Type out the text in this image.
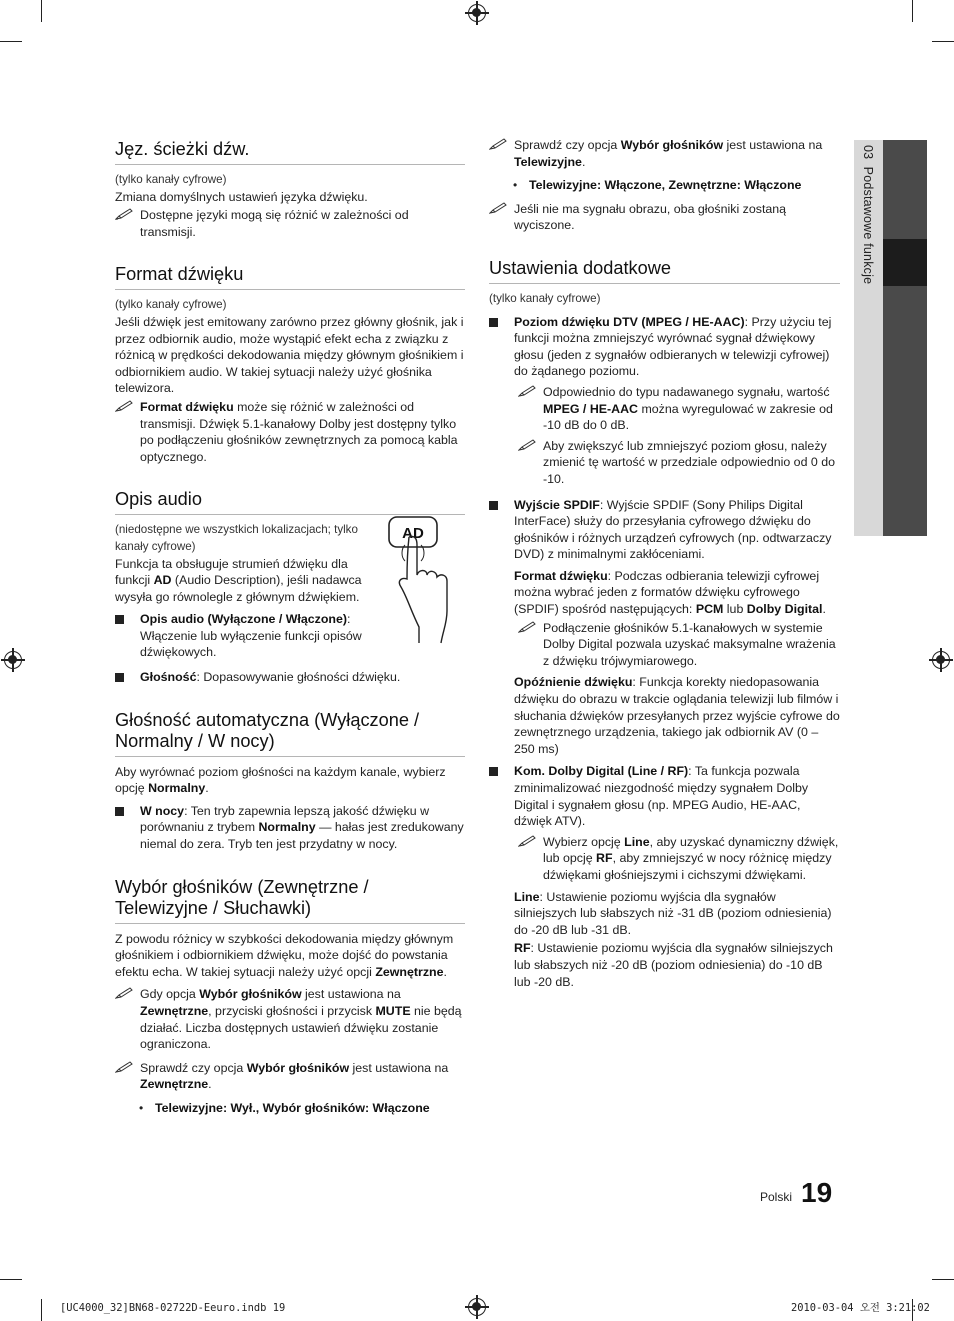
03  Podstawowe funkcje
Jęz. ścieżki dźw.

(tylko kanały cyfrowe)

Zmiana domyślnych ustawień języka dźwięku.

Dostępne języki mogą się różnić w zależności od transmisji.
Format dźwięku

(tylko kanały cyfrowe)

Jeśli dźwięk jest emitowany zarówno przez główny głośnik, jak i przez odbiornik audio, może wystąpić efekt echa z związku z różnicą w prędkości dekodowania między głównym głośnikiem i odbiornikiem audio. W takiej sytuacji należy użyć głośnika telewizora.

Format dźwięku może się różnić w zależności od transmisji. Dźwięk 5.1-kanałowy Dolby jest dostępny tylko po podłączeniu głośników zewnętrznych za pomocą kabla optycznego.
Opis audio

(niedostępne we wszystkich lokalizacjach; tylko kanały cyfrowe)

Funkcja ta obsługuje strumień dźwięku dla funkcji AD (Audio Description), jeśli nadawca wysyła go równolegle z głównym dźwiękiem.

AD
Opis audio (Wyłączone / Włączone): Włączenie lub wyłączenie funkcji opisów dźwiękowych.
Głośność: Dopasowywanie głośności dźwięku.
Głośność automatyczna (Wyłączone / Normalny / W nocy)

Aby wyrównać poziom głośności na każdym kanale, wybierz opcję Normalny.

W nocy: Ten tryb zapewnia lepszą jakość dźwięku w porównaniu z trybem Normalny — hałas jest zredukowany niemal do zera. Tryb ten jest przydatny w nocy.
Wybór głośników (Zewnętrzne / Telewizyjne / Słuchawki)

Z powodu różnicy w szybkości dekodowania między głównym głośnikiem i odbiornikiem dźwięku, może dojść do powstania efektu echa. W takiej sytuacji należy użyć opcji Zewnętrzne.

Gdy opcja Wybór głośników jest ustawiona na Zewnętrzne, przyciski głośności i przycisk MUTE nie będą działać. Liczba dostępnych ustawień dźwięku zostanie ograniczona.
Sprawdź czy opcja Wybór głośników jest ustawiona na Zewnętrzne.
• Telewizyjne: Wył., Wybór głośników: Włączone
Sprawdź czy opcja Wybór głośników jest ustawiona na Telewizyjne.
• Telewizyjne: Włączone, Zewnętrzne: Włączone
Jeśli nie ma sygnału obrazu, oba głośniki zostaną wyciszone.
Ustawienia dodatkowe

(tylko kanały cyfrowe)

Poziom dźwięku DTV (MPEG / HE-AAC): Przy użyciu tej funkcji można zmniejszyć wyrównać sygnał dźwiękowy głosu (jeden z sygnałów odbieranych w telewizji cyfrowej) do żądanego poziomu.
Odpowiednio do typu nadawanego sygnału, wartość MPEG / HE-AAC można wyregulować w zakresie od -10 dB do 0 dB.
Aby zwiększyć lub zmniejszyć poziom głosu, należy zmienić tę wartość w przedziale odpowiednio od 0 do -10.
Wyjście SPDIF: Wyjście SPDIF (Sony Philips Digital InterFace) służy do przesyłania cyfrowego dźwięku do głośników i różnych urządzeń cyfrowych (np. odtwarzaczy DVD) z minimalnymi zakłóceniami.

Format dźwięku: Podczas odbierania telewizji cyfrowej można wybrać jeden z formatów dźwięku cyfrowego (SPDIF) spośród następujących: PCM lub Dolby Digital.

Podłączenie głośników 5.1-kanałowych w systemie Dolby Digital pozwala uzyskać maksymalne wrażenia z dźwięku trójwymiarowego.

Opóźnienie dźwięku: Funkcja korekty niedopasowania dźwięku do obrazu w trakcie oglądania telewizji lub filmów i słuchania dźwięków przesyłanych przez wyjście cyfrowe do zewnętrznego urządzenia, takiego jak odbiornik AV (0 – 250 ms)

Kom. Dolby Digital (Line / RF): Ta funkcja pozwala zminimalizować niezgodność między sygnałem Dolby Digital i sygnałem głosu (np. MPEG Audio, HE-AAC, dźwięk ATV).
Wybierz opcję Line, aby uzyskać dynamiczny dźwięk, lub opcję RF, aby zmniejszyć w nocy różnicę między dźwiękami głośniejszymi i cichszymi dźwiękami.

Line: Ustawienie poziomu wyjścia dla sygnałów silniejszych lub słabszych niż -31 dB (poziom odniesienia) do -20 dB lub -31 dB.

RF: Ustawienie poziomu wyjścia dla sygnałów silniejszych lub słabszych niż -20 dB (poziom odniesienia) do -10 dB lub -20 dB.

Polski 19
[UC4000_32]BN68-02722D-Eeuro.indb 19	2010-03-04 오전 3:21:02
